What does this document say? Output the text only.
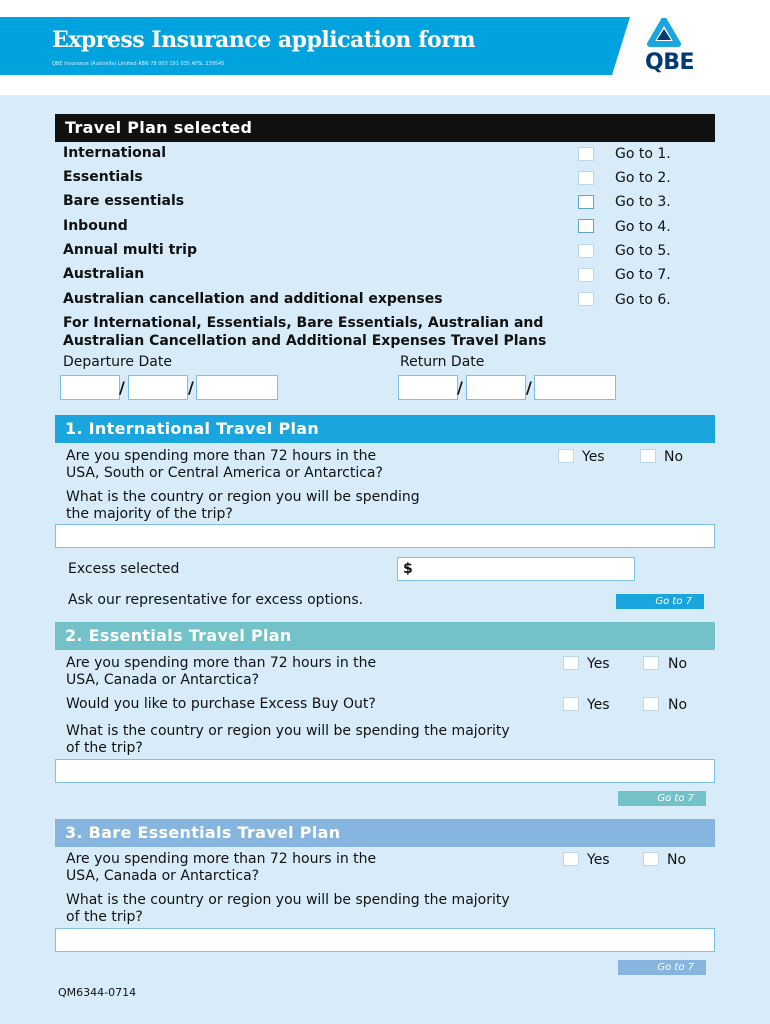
Express Insurance application form
QBE Insurance (Australia) Limited ABN 78 003 191 035 AFSL 239545	QBE
Travel Plan selected
International	Go to 1.
Essentials	Go to 2.
Bare essentials	Go to 3.
Inbound	Go to 4.
Annual multi trip	Go to 5.
Australian	Go to 7.
Australian cancellation and additional expenses	Go to 6.
For International, Essentials, Bare Essentials, Australian and
Australian Cancellation and Additional Expenses Travel Plans
Departure Date	Return Date
/	/	/	/
1. International Travel Plan
Are you spending more than 72 hours in the
USA, South or Central America or Antarctica?
Yes	No
What is the country or region you will be spending
the majority of the trip?
Excess selected	$
Ask our representative for excess options.	Go to 7
2. Essentials Travel Plan
Are you spending more than 72 hours in the
USA, Canada or Antarctica?
Yes	No
Would you like to purchase Excess Buy Out?	Yes	No
What is the country or region you will be spending the majority
of the trip?
Go to 7
3. Bare Essentials Travel Plan
Are you spending more than 72 hours in the
USA, Canada or Antarctica?
Yes	No
What is the country or region you will be spending the majority
of the trip?
Go to 7
QM6344-0714
